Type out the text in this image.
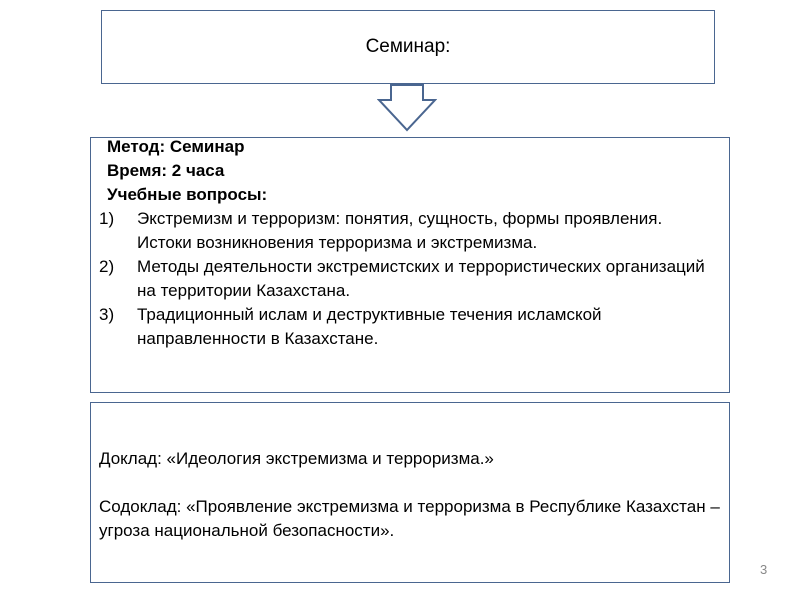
Семинар:
Метод: Семинар
Время: 2 часа
Учебные вопросы:
1)	Экстремизм и терроризм: понятия, сущность, формы проявления. Истоки возникновения терроризма и экстремизма.
2)	Методы деятельности экстремистских и террористических организаций на территории Казахстана.
3)	Традиционный ислам и деструктивные течения исламской направленности в Казахстане.

Доклад: «Идеология экстремизма и терроризма.»

Содоклад: «Проявление экстремизма и терроризма в Республике Казахстан –угроза национальной безопасности».

3
